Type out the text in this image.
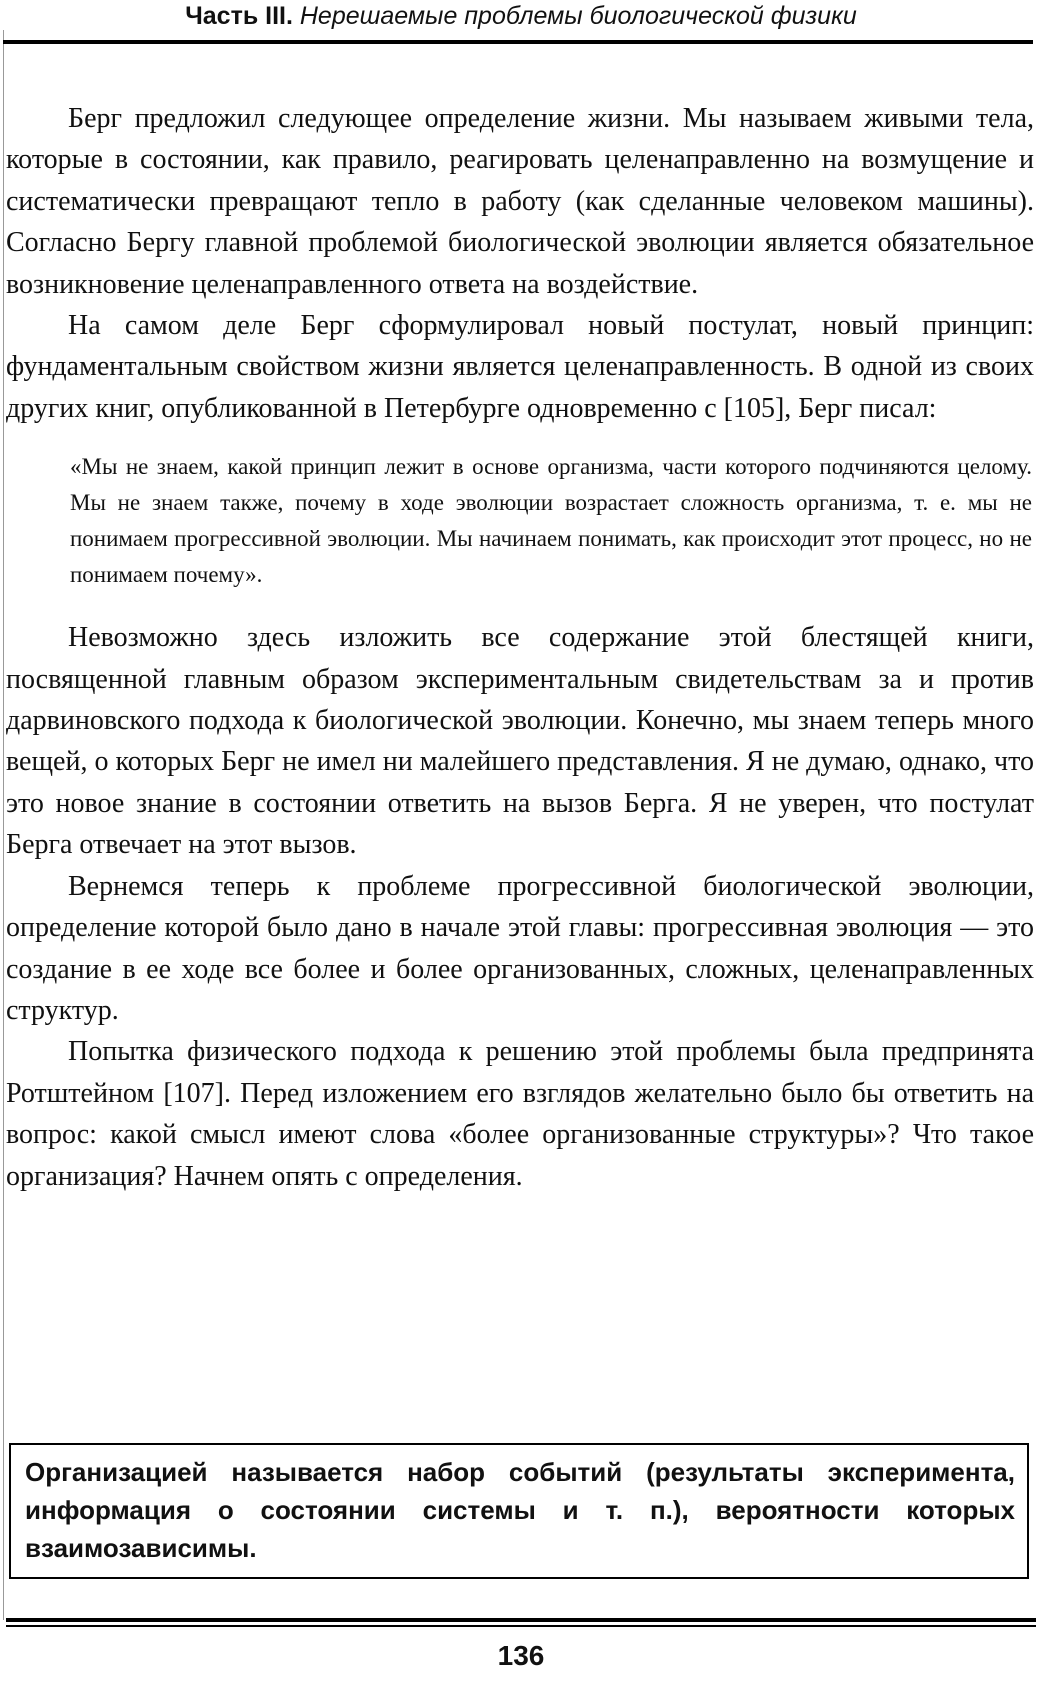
Часть III. Нерешаемые проблемы биологической физики

Берг предложил следующее определение жизни. Мы называем живыми тела, которые в состоянии, как правило, реагировать целенаправленно на возмущение и систематически превращают тепло в работу (как сделанные человеком машины). Согласно Бергу главной проблемой биологической эволюции является обязательное возникновение целенаправленного ответа на воздействие.

На самом деле Берг сформулировал новый постулат, новый принцип: фундаментальным свойством жизни является целенаправленность. В одной из своих других книг, опубликованной в Петербурге одновременно с [105], Берг писал:

«Мы не знаем, какой принцип лежит в основе организма, части которого подчиняются целому. Мы не знаем также, почему в ходе эволюции возрастает сложность организма, т. е. мы не понимаем прогрессивной эволюции. Мы начинаем понимать, как происходит этот процесс, но не понимаем почему».

Невозможно здесь изложить все содержание этой блестящей книги, посвященной главным образом экспериментальным свидетельствам за и против дарвиновского подхода к биологической эволюции. Конечно, мы знаем теперь много вещей, о которых Берг не имел ни малейшего представления. Я не думаю, однако, что это новое знание в состоянии ответить на вызов Берга. Я не уверен, что постулат Берга отвечает на этот вызов.

Вернемся теперь к проблеме прогрессивной биологической эволюции, определение которой было дано в начале этой главы: прогрессивная эволюция — это создание в ее ходе все более и более организованных, сложных, целенаправленных структур.

Попытка физического подхода к решению этой проблемы была предпринята Ротштейном [107]. Перед изложением его взглядов желательно было бы ответить на вопрос: какой смысл имеют слова «более организованные структуры»? Что такое организация? Начнем опять с определения.

Организацией называется набор событий (результаты эксперимента, информация о состоянии системы и т. п.), вероятности которых взаимозависимы.
136
